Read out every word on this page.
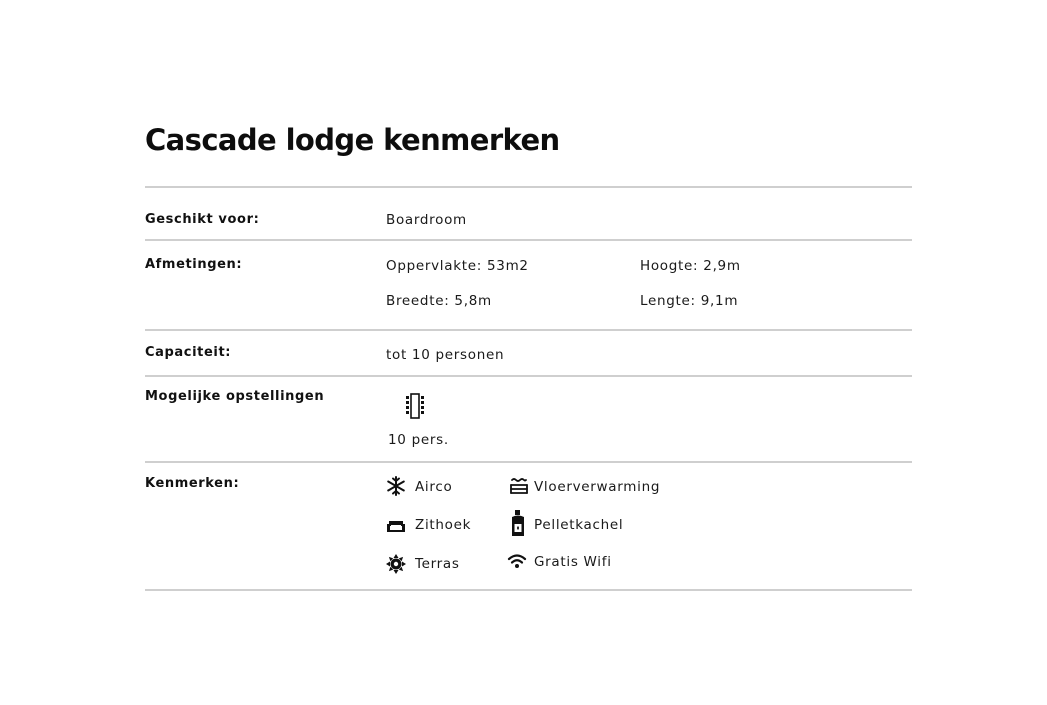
Cascade lodge kenmerken
Geschikt voor:	Boardroom
Afmetingen:	Oppervlakte: 53m2	Hoogte: 2,9m
Breedte: 5,8m	Lengte: 9,1m
Capaciteit:	tot 10 personen
Mogelijke opstellingen
10 pers.
Kenmerken:	Airco	Vloerverwarming
Zithoek	Pelletkachel
Terras	Gratis Wifi
